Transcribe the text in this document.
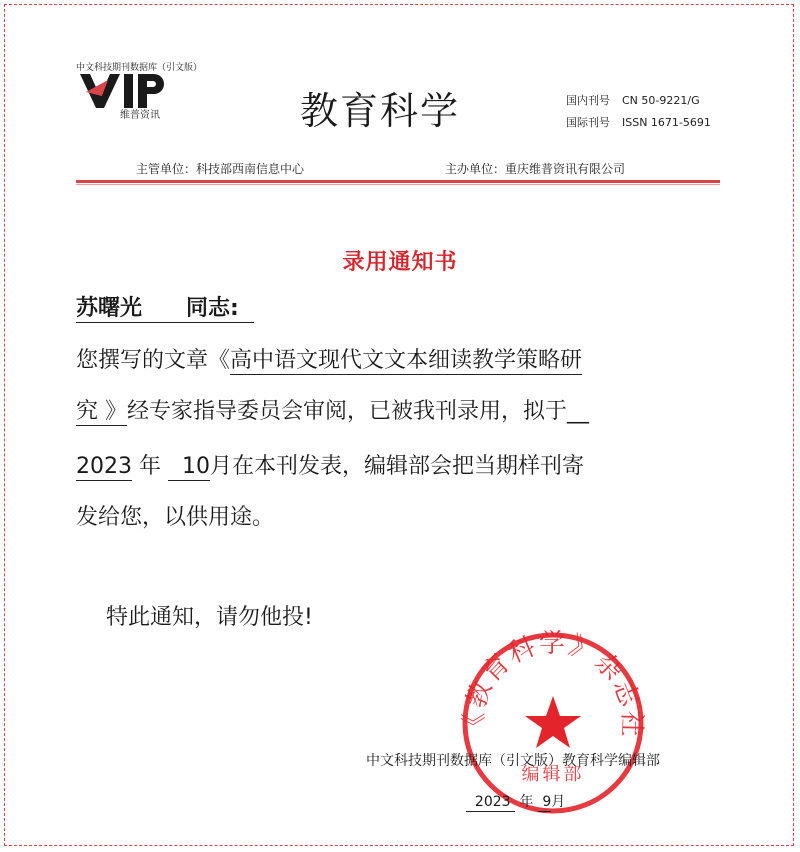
中文科技期刊数据库（引文版）
维普资讯	教育科学	国内刊号 CN 50-9221/G
国际刊号 ISSN 1671-5691
主管单位：科技部西南信息中心	主办单位：重庆维普资讯有限公司
录用通知书
苏曙光 同志:
您撰写的文章《高中语文现代文文本细读教学策略研
究 》经专家指导委员会审阅，已被我刊录用，拟于__
2023 年 10月在本刊发表，编辑部会把当期样刊寄
发给您，以供用途。
特此通知，请勿他投!
《教育科学》杂志社
编辑部
中文科技期刊数据库（引文版）教育科学编辑部
2023 年 9月
